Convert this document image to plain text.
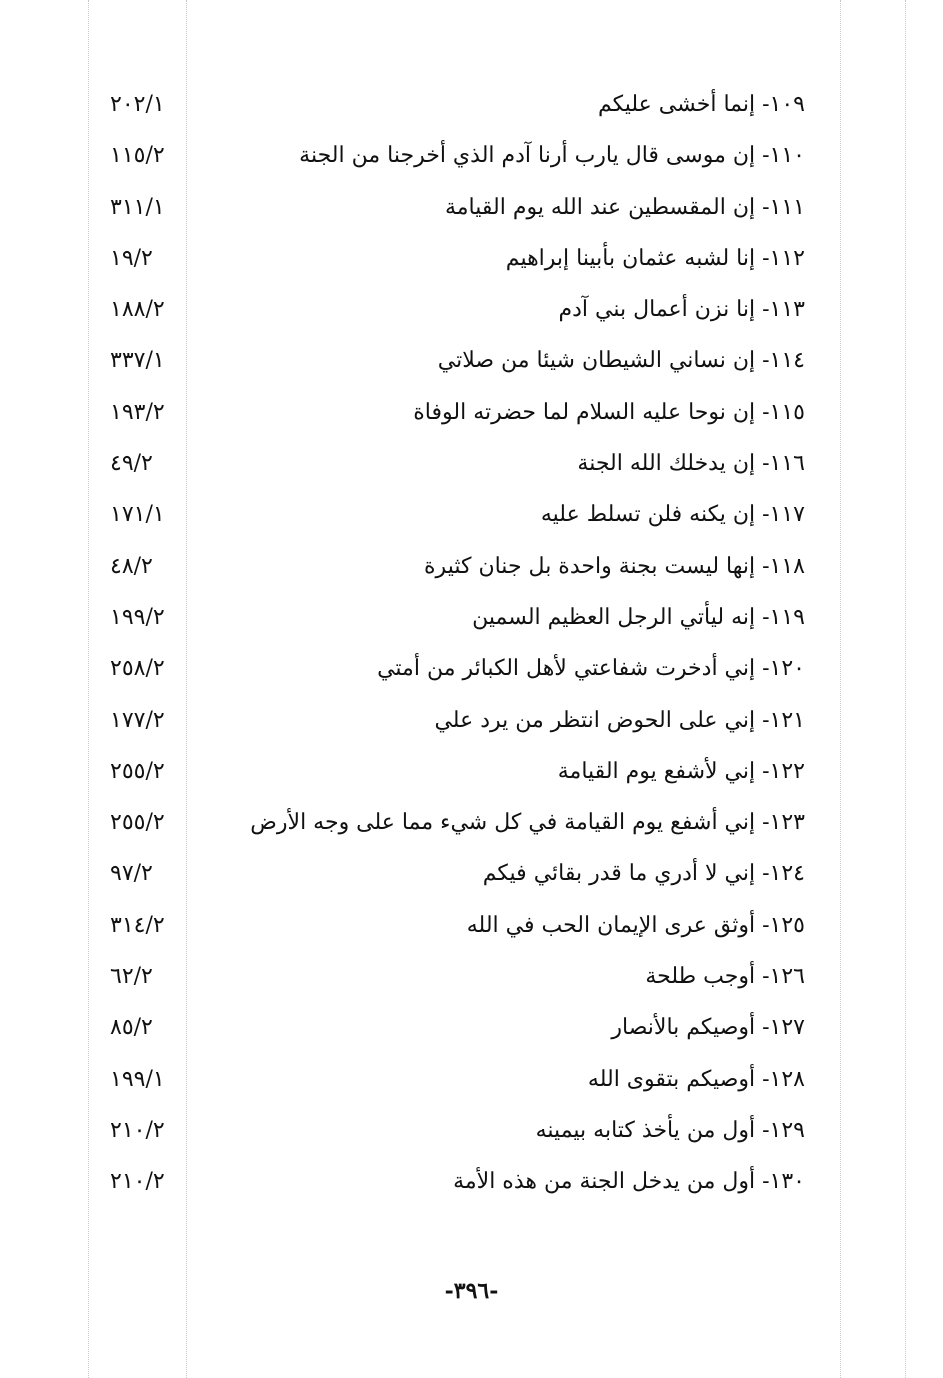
١٠٩- إنما أخشى عليكم
٢٠٢/١
١١٠- إن موسى قال يارب أرنا آدم الذي أخرجنا من الجنة
١١٥/٢
١١١- إن المقسطين عند الله يوم القيامة
٣١١/١
١١٢- إنا لشبه عثمان بأبينا إبراهيم
١٩/٢
١١٣- إنا نزن أعمال بني آدم
١٨٨/٢
١١٤- إن نساني الشيطان شيئا من صلاتي
٣٣٧/١
١١٥- إن نوحا عليه السلام لما حضرته الوفاة
١٩٣/٢
١١٦- إن يدخلك الله الجنة
٤٩/٢
١١٧- إن يكنه فلن تسلط عليه
١٧١/١
١١٨- إنها ليست بجنة واحدة بل جنان كثيرة
٤٨/٢
١١٩- إنه ليأتي الرجل العظيم السمين
١٩٩/٢
١٢٠- إني أدخرت شفاعتي لأهل الكبائر من أمتي
٢٥٨/٢
١٢١- إني على الحوض انتظر من يرد علي
١٧٧/٢
١٢٢- إني لأشفع يوم القيامة
٢٥٥/٢
١٢٣- إني أشفع يوم القيامة في كل شيء مما على وجه الأرض
٢٥٥/٢
١٢٤- إني لا أدري ما قدر بقائي فيكم
٩٧/٢
١٢٥- أوثق عرى الإيمان الحب في الله
٣١٤/٢
١٢٦- أوجب طلحة
٦٢/٢
١٢٧- أوصيكم بالأنصار
٨٥/٢
١٢٨- أوصيكم بتقوى الله
١٩٩/١
١٢٩- أول من يأخذ كتابه بيمينه
٢١٠/٢
١٣٠- أول من يدخل الجنة من هذه الأمة
٢١٠/٢
-٣٩٦-
